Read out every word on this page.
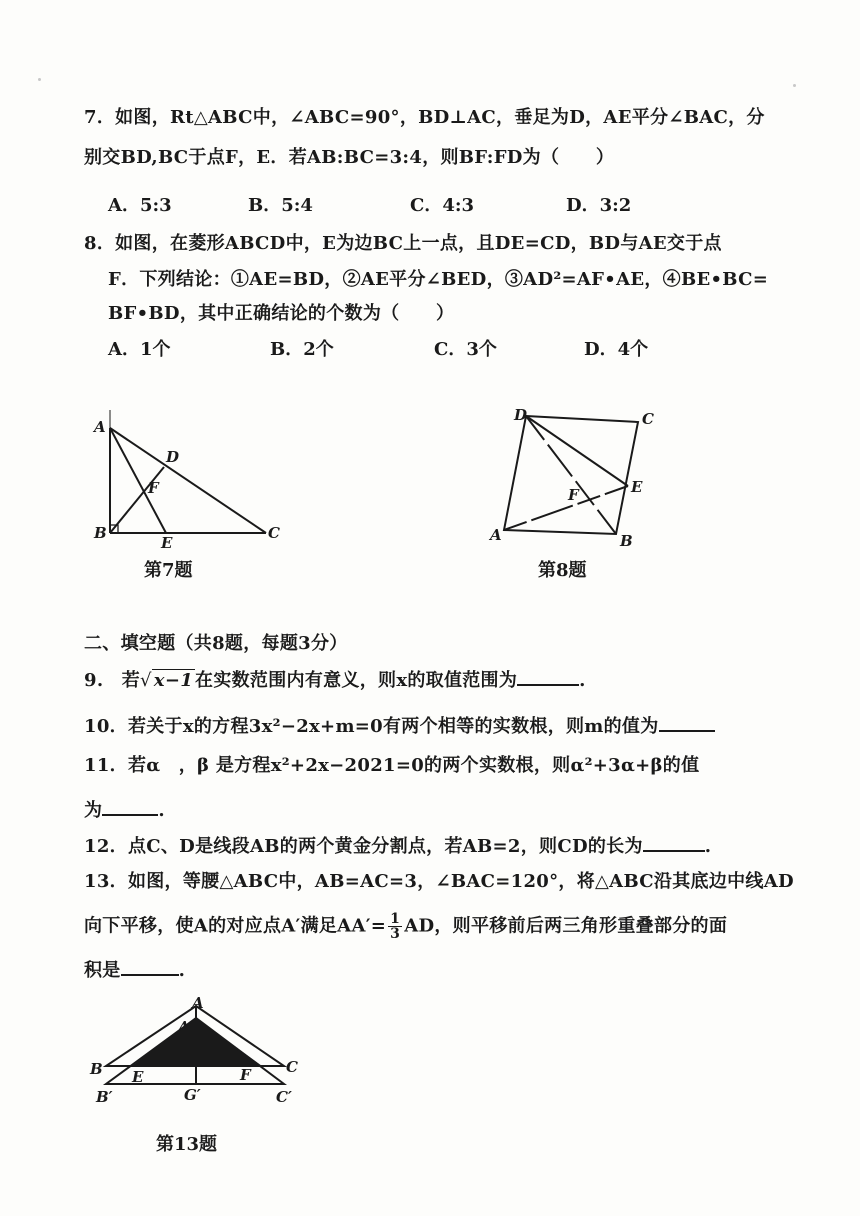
7．如图，Rt△ABC中，∠ABC=90°，BD⊥AC，垂足为D，AE平分∠BAC，分
别交BD,BC于点F，E．若AB:BC=3:4，则BF:FD为（　　）
A．5:3	B．5:4	C．4:3	D．3:2
8．如图，在菱形ABCD中，E为边BC上一点，且DE=CD，BD与AE交于点
F．下列结论：①AE=BD，②AE平分∠BED，③AD²=AF•AE，④BE•BC=
BF•BD，其中正确结论的个数为（　　）
A．1个	B．2个	C．3个	D．4个
A
B	C
D
E
F
第7题
D	C
E
F
A	B
第8题
二、填空题（共8题，每题3分）
9.　若√ x−1 在实数范围内有意义，则x的取值范围为	.
10．若关于x的方程3x²−2x+m=0有两个相等的实数根，则m的值为
11．若α　，β 是方程x²+2x−2021=0的两个实数根，则α²+3α+β的值
为	.
12．点C、D是线段AB的两个黄金分割点，若AB=2，则CD的长为	.
13．如图，等腰△ABC中，AB=AC=3，∠BAC=120°，将△ABC沿其底边中线AD
向下平移，使A的对应点A′满足$AA'= \frac{1}{3}$ AD，则平移前后两三角形重叠部分的面
积是	.
A
A′
B	C
E	F
B′	G′	C′
第13题
